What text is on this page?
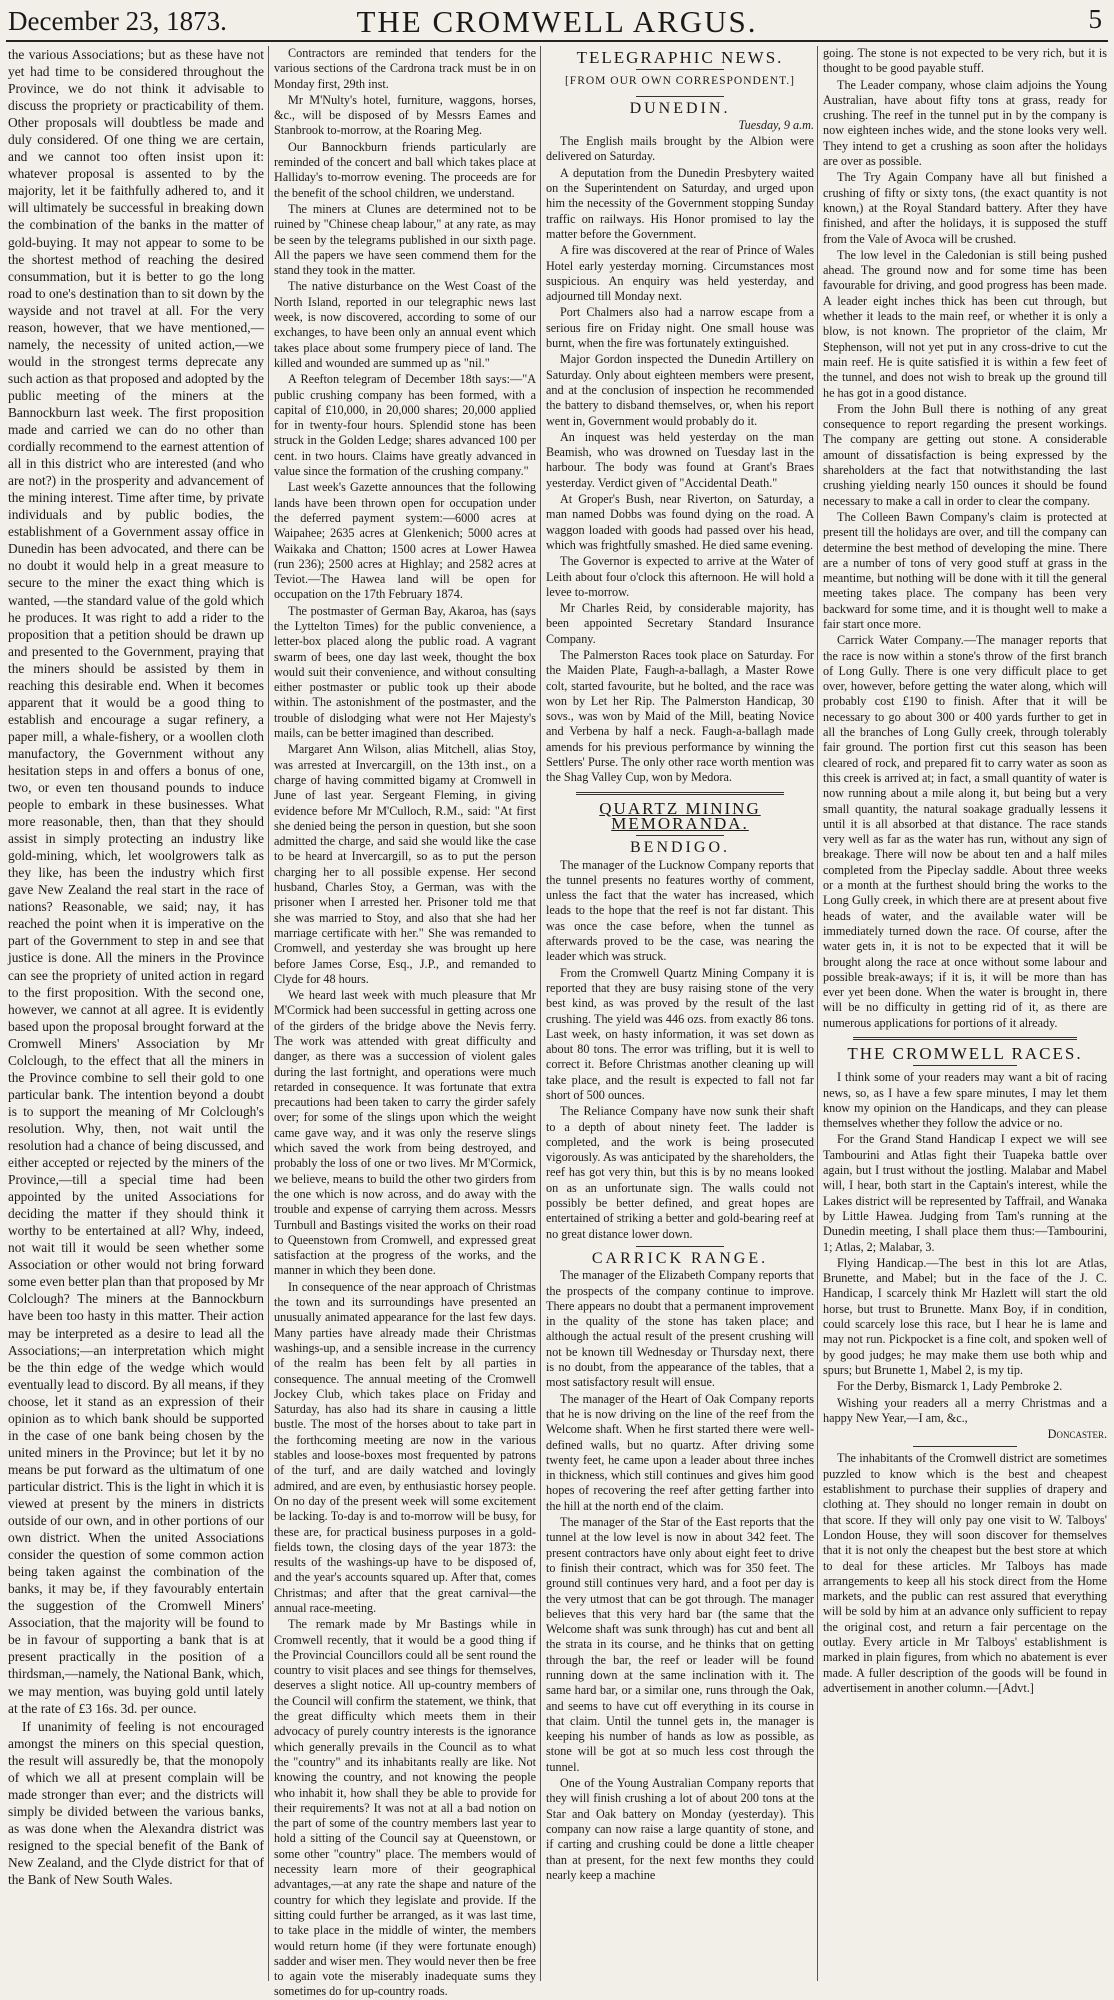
December 23, 1873.	THE CROMWELL ARGUS.	5

the various Associations; but as these have not yet had time to be considered throughout the Province, we do not think it advisable to discuss the propriety or practicability of them. Other proposals will doubtless be made and duly considered. Of one thing we are certain, and we cannot too often insist upon it: whatever proposal is assented to by the majority, let it be faithfully adhered to, and it will ultimately be successful in breaking down the combination of the banks in the matter of gold-buying. It may not appear to some to be the shortest method of reaching the desired consummation, but it is better to go the long road to one's destination than to sit down by the wayside and not travel at all. For the very reason, however, that we have mentioned,—namely, the necessity of united action,—we would in the strongest terms deprecate any such action as that proposed and adopted by the public meeting of the miners at the Bannockburn last week. The first proposition made and carried we can do no other than cordially recommend to the earnest attention of all in this district who are interested (and who are not?) in the prosperity and advancement of the mining interest. Time after time, by private individuals and by public bodies, the establishment of a Government assay office in Dunedin has been advocated, and there can be no doubt it would help in a great measure to secure to the miner the exact thing which is wanted, —the standard value of the gold which he produces. It was right to add a rider to the proposition that a petition should be drawn up and presented to the Government, praying that the miners should be assisted by them in reaching this desirable end. When it becomes apparent that it would be a good thing to establish and encourage a sugar refinery, a paper mill, a whale-fishery, or a woollen cloth manufactory, the Government without any hesitation steps in and offers a bonus of one, two, or even ten thousand pounds to induce people to embark in these businesses. What more reasonable, then, than that they should assist in simply protecting an industry like gold-mining, which, let woolgrowers talk as they like, has been the industry which first gave New Zealand the real start in the race of nations? Reasonable, we said; nay, it has reached the point when it is imperative on the part of the Government to step in and see that justice is done. All the miners in the Province can see the propriety of united action in regard to the first proposition. With the second one, however, we cannot at all agree. It is evidently based upon the proposal brought forward at the Cromwell Miners' Association by Mr Colclough, to the effect that all the miners in the Province combine to sell their gold to one particular bank. The intention beyond a doubt is to support the meaning of Mr Colclough's resolution. Why, then, not wait until the resolution had a chance of being discussed, and either accepted or rejected by the miners of the Province,—till a special time had been appointed by the united Associations for deciding the matter if they should think it worthy to be entertained at all? Why, indeed, not wait till it would be seen whether some Association or other would not bring forward some even better plan than that proposed by Mr Colclough? The miners at the Bannockburn have been too hasty in this matter. Their action may be interpreted as a desire to lead all the Associations;—an interpretation which might be the thin edge of the wedge which would eventually lead to discord. By all means, if they choose, let it stand as an expression of their opinion as to which bank should be supported in the case of one bank being chosen by the united miners in the Province; but let it by no means be put forward as the ultimatum of one particular district. This is the light in which it is viewed at present by the miners in districts outside of our own, and in other portions of our own district. When the united Associations consider the question of some common action being taken against the combination of the banks, it may be, if they favourably entertain the suggestion of the Cromwell Miners' Association, that the majority will be found to be in favour of supporting a bank that is at present practically in the position of a thirdsman,—namely, the National Bank, which, we may mention, was buying gold until lately at the rate of £3 16s. 3d. per ounce.

If unanimity of feeling is not encouraged amongst the miners on this special question, the result will assuredly be, that the monopoly of which we all at present complain will be made stronger than ever; and the districts will simply be divided between the various banks, as was done when the Alexandra district was resigned to the special benefit of the Bank of New Zealand, and the Clyde district for that of the Bank of New South Wales.

Contractors are reminded that tenders for the various sections of the Cardrona track must be in on Monday first, 29th inst.

Mr M'Nulty's hotel, furniture, waggons, horses, &c., will be disposed of by Messrs Eames and Stanbrook to-morrow, at the Roaring Meg.

Our Bannockburn friends particularly are reminded of the concert and ball which takes place at Halliday's to-morrow evening. The proceeds are for the benefit of the school children, we understand.

The miners at Clunes are determined not to be ruined by "Chinese cheap labour," at any rate, as may be seen by the telegrams published in our sixth page. All the papers we have seen commend them for the stand they took in the matter.

The native disturbance on the West Coast of the North Island, reported in our telegraphic news last week, is now discovered, according to some of our exchanges, to have been only an annual event which takes place about some frumpery piece of land. The killed and wounded are summed up as "nil."

A Reefton telegram of December 18th says:—"A public crushing company has been formed, with a capital of £10,000, in 20,000 shares; 20,000 applied for in twenty-four hours. Splendid stone has been struck in the Golden Ledge; shares advanced 100 per cent. in two hours. Claims have greatly advanced in value since the formation of the crushing company."

Last week's Gazette announces that the following lands have been thrown open for occupation under the deferred payment system:—6000 acres at Waipahee; 2635 acres at Glenkenich; 5000 acres at Waikaka and Chatton; 1500 acres at Lower Hawea (run 236); 2500 acres at Highlay; and 2582 acres at Teviot.—The Hawea land will be open for occupation on the 17th February 1874.

The postmaster of German Bay, Akaroa, has (says the Lyttelton Times) for the public convenience, a letter-box placed along the public road. A vagrant swarm of bees, one day last week, thought the box would suit their convenience, and without consulting either postmaster or public took up their abode within. The astonishment of the postmaster, and the trouble of dislodging what were not Her Majesty's mails, can be better imagined than described.

Margaret Ann Wilson, alias Mitchell, alias Stoy, was arrested at Invercargill, on the 13th inst., on a charge of having committed bigamy at Cromwell in June of last year. Sergeant Fleming, in giving evidence before Mr M'Culloch, R.M., said: "At first she denied being the person in question, but she soon admitted the charge, and said she would like the case to be heard at Invercargill, so as to put the person charging her to all possible expense. Her second husband, Charles Stoy, a German, was with the prisoner when I arrested her. Prisoner told me that she was married to Stoy, and also that she had her marriage certificate with her." She was remanded to Cromwell, and yesterday she was brought up here before James Corse, Esq., J.P., and remanded to Clyde for 48 hours.

We heard last week with much pleasure that Mr M'Cormick had been successful in getting across one of the girders of the bridge above the Nevis ferry. The work was attended with great difficulty and danger, as there was a succession of violent gales during the last fortnight, and operations were much retarded in consequence. It was fortunate that extra precautions had been taken to carry the girder safely over; for some of the slings upon which the weight came gave way, and it was only the reserve slings which saved the work from being destroyed, and probably the loss of one or two lives. Mr M'Cormick, we believe, means to build the other two girders from the one which is now across, and do away with the trouble and expense of carrying them across. Messrs Turnbull and Bastings visited the works on their road to Queenstown from Cromwell, and expressed great satisfaction at the progress of the works, and the manner in which they been done.

In consequence of the near approach of Christmas the town and its surroundings have presented an unusually animated appearance for the last few days. Many parties have already made their Christmas washings-up, and a sensible increase in the currency of the realm has been felt by all parties in consequence. The annual meeting of the Cromwell Jockey Club, which takes place on Friday and Saturday, has also had its share in causing a little bustle. The most of the horses about to take part in the forthcoming meeting are now in the various stables and loose-boxes most frequented by patrons of the turf, and are daily watched and lovingly admired, and are even, by enthusiastic horsey people. On no day of the present week will some excitement be lacking. To-day is and to-morrow will be busy, for these are, for practical business purposes in a gold-fields town, the closing days of the year 1873: the results of the washings-up have to be disposed of, and the year's accounts squared up. After that, comes Christmas; and after that the great carnival—the annual race-meeting.

The remark made by Mr Bastings while in Cromwell recently, that it would be a good thing if the Provincial Councillors could all be sent round the country to visit places and see things for themselves, deserves a slight notice. All up-country members of the Council will confirm the statement, we think, that the great difficulty which meets them in their advocacy of purely country interests is the ignorance which generally prevails in the Council as to what the "country" and its inhabitants really are like. Not knowing the country, and not knowing the people who inhabit it, how shall they be able to provide for their requirements? It was not at all a bad notion on the part of some of the country members last year to hold a sitting of the Council say at Queenstown, or some other "country" place. The members would of necessity learn more of their geographical advantages,—at any rate the shape and nature of the country for which they legislate and provide. If the sitting could further be arranged, as it was last time, to take place in the middle of winter, the members would return home (if they were fortunate enough) sadder and wiser men. They would never then be free to again vote the miserably inadequate sums they sometimes do for up-country roads.

TELEGRAPHIC NEWS.

[FROM OUR OWN CORRESPONDENT.]

DUNEDIN.

Tuesday, 9 a.m.

The English mails brought by the Albion were delivered on Saturday.

A deputation from the Dunedin Presbytery waited on the Superintendent on Saturday, and urged upon him the necessity of the Government stopping Sunday traffic on railways. His Honor promised to lay the matter before the Government.

A fire was discovered at the rear of Prince of Wales Hotel early yesterday morning. Circumstances most suspicious. An enquiry was held yesterday, and adjourned till Monday next.

Port Chalmers also had a narrow escape from a serious fire on Friday night. One small house was burnt, when the fire was fortunately extinguished.

Major Gordon inspected the Dunedin Artillery on Saturday. Only about eighteen members were present, and at the conclusion of inspection he recommended the battery to disband themselves, or, when his report went in, Government would probably do it.

An inquest was held yesterday on the man Beamish, who was drowned on Tuesday last in the harbour. The body was found at Grant's Braes yesterday. Verdict given of "Accidental Death."

At Groper's Bush, near Riverton, on Saturday, a man named Dobbs was found dying on the road. A waggon loaded with goods had passed over his head, which was frightfully smashed. He died same evening.

The Governor is expected to arrive at the Water of Leith about four o'clock this afternoon. He will hold a levee to-morrow.

Mr Charles Reid, by considerable majority, has been appointed Secretary Standard Insurance Company.

The Palmerston Races took place on Saturday. For the Maiden Plate, Faugh-a-ballagh, a Master Rowe colt, started favourite, but he bolted, and the race was won by Let her Rip. The Palmerston Handicap, 30 sovs., was won by Maid of the Mill, beating Novice and Verbena by half a neck. Faugh-a-ballagh made amends for his previous performance by winning the Settlers' Purse. The only other race worth mention was the Shag Valley Cup, won by Medora.

QUARTZ MINING MEMORANDA.

BENDIGO.

The manager of the Lucknow Company reports that the tunnel presents no features worthy of comment, unless the fact that the water has increased, which leads to the hope that the reef is not far distant. This was once the case before, when the tunnel as afterwards proved to be the case, was nearing the leader which was struck.

From the Cromwell Quartz Mining Company it is reported that they are busy raising stone of the very best kind, as was proved by the result of the last crushing. The yield was 446 ozs. from exactly 86 tons. Last week, on hasty information, it was set down as about 80 tons. The error was trifling, but it is well to correct it. Before Christmas another cleaning up will take place, and the result is expected to fall not far short of 500 ounces.

The Reliance Company have now sunk their shaft to a depth of about ninety feet. The ladder is completed, and the work is being prosecuted vigorously. As was anticipated by the shareholders, the reef has got very thin, but this is by no means looked on as an unfortunate sign. The walls could not possibly be better defined, and great hopes are entertained of striking a better and gold-bearing reef at no great distance lower down.

CARRICK RANGE.

The manager of the Elizabeth Company reports that the prospects of the company continue to improve. There appears no doubt that a permanent improvement in the quality of the stone has taken place; and although the actual result of the present crushing will not be known till Wednesday or Thursday next, there is no doubt, from the appearance of the tables, that a most satisfactory result will ensue.

The manager of the Heart of Oak Company reports that he is now driving on the line of the reef from the Welcome shaft. When he first started there were well-defined walls, but no quartz. After driving some twenty feet, he came upon a leader about three inches in thickness, which still continues and gives him good hopes of recovering the reef after getting farther into the hill at the north end of the claim.

The manager of the Star of the East reports that the tunnel at the low level is now in about 342 feet. The present contractors have only about eight feet to drive to finish their contract, which was for 350 feet. The ground still continues very hard, and a foot per day is the very utmost that can be got through. The manager believes that this very hard bar (the same that the Welcome shaft was sunk through) has cut and bent all the strata in its course, and he thinks that on getting through the bar, the reef or leader will be found running down at the same inclination with it. The same hard bar, or a similar one, runs through the Oak, and seems to have cut off everything in its course in that claim. Until the tunnel gets in, the manager is keeping his number of hands as low as possible, as stone will be got at so much less cost through the tunnel.

One of the Young Australian Company reports that they will finish crushing a lot of about 200 tons at the Star and Oak battery on Monday (yesterday). This company can now raise a large quantity of stone, and if carting and crushing could be done a little cheaper than at present, for the next few months they could nearly keep a machine

going. The stone is not expected to be very rich, but it is thought to be good payable stuff.

The Leader company, whose claim adjoins the Young Australian, have about fifty tons at grass, ready for crushing. The reef in the tunnel put in by the company is now eighteen inches wide, and the stone looks very well. They intend to get a crushing as soon after the holidays are over as possible.

The Try Again Company have all but finished a crushing of fifty or sixty tons, (the exact quantity is not known,) at the Royal Standard battery. After they have finished, and after the holidays, it is supposed the stuff from the Vale of Avoca will be crushed.

The low level in the Caledonian is still being pushed ahead. The ground now and for some time has been favourable for driving, and good progress has been made. A leader eight inches thick has been cut through, but whether it leads to the main reef, or whether it is only a blow, is not known. The proprietor of the claim, Mr Stephenson, will not yet put in any cross-drive to cut the main reef. He is quite satisfied it is within a few feet of the tunnel, and does not wish to break up the ground till he has got in a good distance.

From the John Bull there is nothing of any great consequence to report regarding the present workings. The company are getting out stone. A considerable amount of dissatisfaction is being expressed by the shareholders at the fact that notwithstanding the last crushing yielding nearly 150 ounces it should be found necessary to make a call in order to clear the company.

The Colleen Bawn Company's claim is protected at present till the holidays are over, and till the company can determine the best method of developing the mine. There are a number of tons of very good stuff at grass in the meantime, but nothing will be done with it till the general meeting takes place. The company has been very backward for some time, and it is thought well to make a fair start once more.

Carrick Water Company.—The manager reports that the race is now within a stone's throw of the first branch of Long Gully. There is one very difficult place to get over, however, before getting the water along, which will probably cost £190 to finish. After that it will be necessary to go about 300 or 400 yards further to get in all the branches of Long Gully creek, through tolerably fair ground. The portion first cut this season has been cleared of rock, and prepared fit to carry water as soon as this creek is arrived at; in fact, a small quantity of water is now running about a mile along it, but being but a very small quantity, the natural soakage gradually lessens it until it is all absorbed at that distance. The race stands very well as far as the water has run, without any sign of breakage. There will now be about ten and a half miles completed from the Pipeclay saddle. About three weeks or a month at the furthest should bring the works to the Long Gully creek, in which there are at present about five heads of water, and the available water will be immediately turned down the race. Of course, after the water gets in, it is not to be expected that it will be brought along the race at once without some labour and possible break-aways; if it is, it will be more than has ever yet been done. When the water is brought in, there will be no difficulty in getting rid of it, as there are numerous applications for portions of it already.

THE CROMWELL RACES.

I think some of your readers may want a bit of racing news, so, as I have a few spare minutes, I may let them know my opinion on the Handicaps, and they can please themselves whether they follow the advice or no.

For the Grand Stand Handicap I expect we will see Tambourini and Atlas fight their Tuapeka battle over again, but I trust without the jostling. Malabar and Mabel will, I hear, both start in the Captain's interest, while the Lakes district will be represented by Taffrail, and Wanaka by Little Hawea. Judging from Tam's running at the Dunedin meeting, I shall place them thus:—Tambourini, 1; Atlas, 2; Malabar, 3.

Flying Handicap.—The best in this lot are Atlas, Brunette, and Mabel; but in the face of the J. C. Handicap, I scarcely think Mr Hazlett will start the old horse, but trust to Brunette. Manx Boy, if in condition, could scarcely lose this race, but I hear he is lame and may not run. Pickpocket is a fine colt, and spoken well of by good judges; he may make them use both whip and spurs; but Brunette 1, Mabel 2, is my tip.

For the Derby, Bismarck 1, Lady Pembroke 2.

Wishing your readers all a merry Christmas and a happy New Year,—I am, &c.,

Doncaster.

The inhabitants of the Cromwell district are sometimes puzzled to know which is the best and cheapest establishment to purchase their supplies of drapery and clothing at. They should no longer remain in doubt on that score. If they will only pay one visit to W. Talboys' London House, they will soon discover for themselves that it is not only the cheapest but the best store at which to deal for these articles. Mr Talboys has made arrangements to keep all his stock direct from the Home markets, and the public can rest assured that everything will be sold by him at an advance only sufficient to repay the original cost, and return a fair percentage on the outlay. Every article in Mr Talboys' establishment is marked in plain figures, from which no abatement is ever made. A fuller description of the goods will be found in advertisement in another column.—[Advt.]
